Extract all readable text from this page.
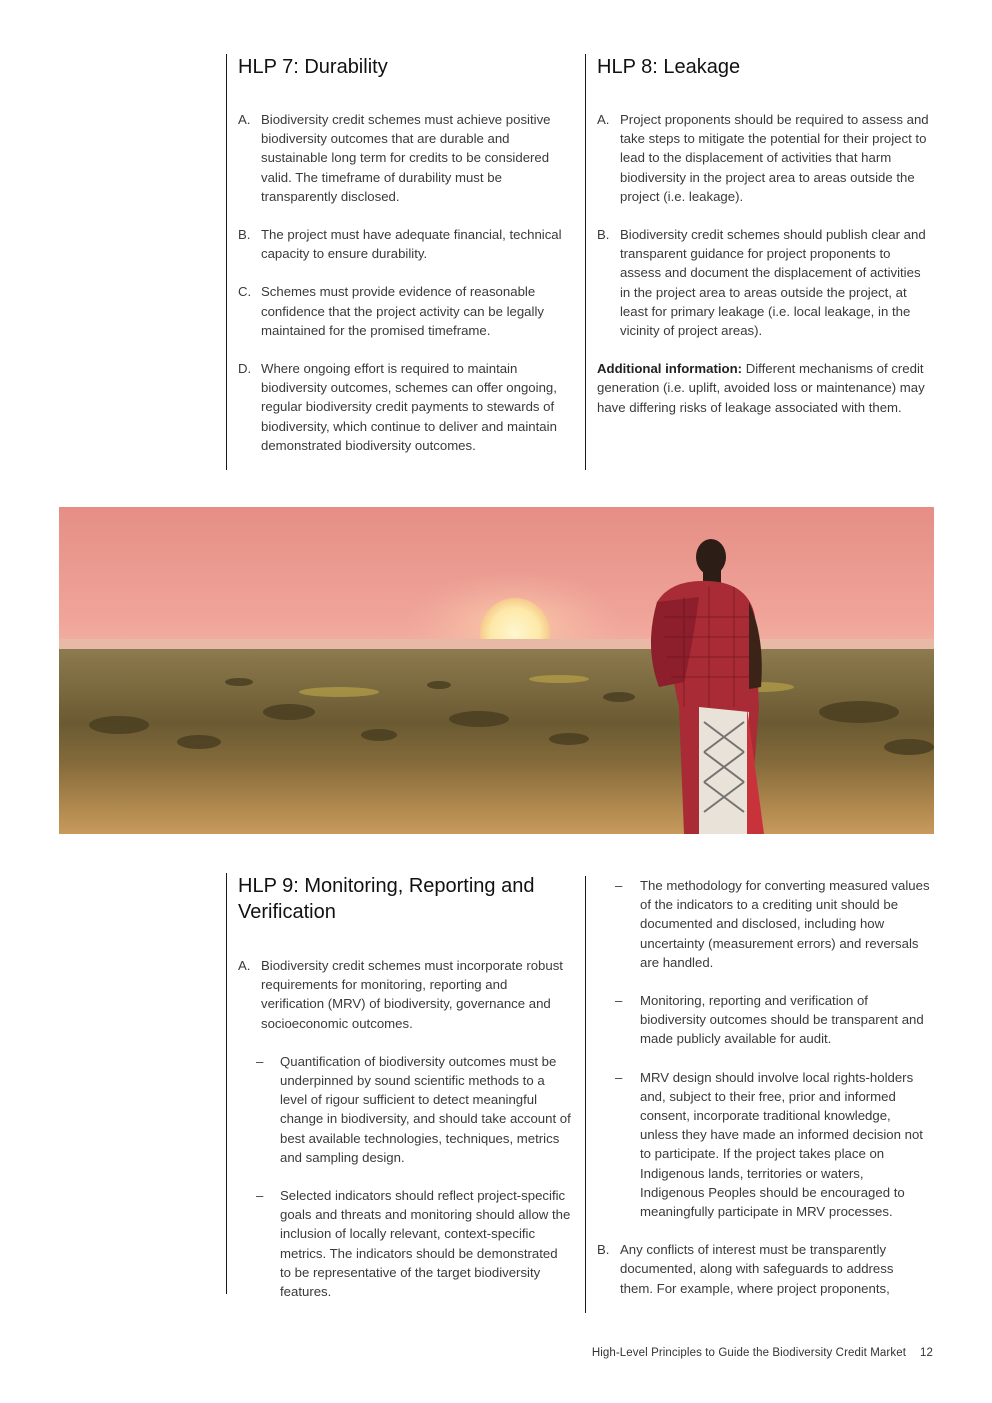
HLP 7: Durability
A. Biodiversity credit schemes must achieve positive biodiversity outcomes that are durable and sustainable long term for credits to be considered valid. The timeframe of durability must be transparently disclosed.
B. The project must have adequate financial, technical capacity to ensure durability.
C. Schemes must provide evidence of reasonable confidence that the project activity can be legally maintained for the promised timeframe.
D. Where ongoing effort is required to maintain biodiversity outcomes, schemes can offer ongoing, regular biodiversity credit payments to stewards of biodiversity, which continue to deliver and maintain demonstrated biodiversity outcomes.
HLP 8: Leakage
A. Project proponents should be required to assess and take steps to mitigate the potential for their project to lead to the displacement of activities that harm biodiversity in the project area to areas outside the project (i.e. leakage).
B. Biodiversity credit schemes should publish clear and transparent guidance for project proponents to assess and document the displacement of activities in the project area to areas outside the project, at least for primary leakage (i.e. local leakage, in the vicinity of project areas).
Additional information: Different mechanisms of credit generation (i.e. uplift, avoided loss or maintenance) may have differing risks of leakage associated with them.
HLP 9: Monitoring, Reporting and Verification
A. Biodiversity credit schemes must incorporate robust requirements for monitoring, reporting and verification (MRV) of biodiversity, governance and socioeconomic outcomes.
– Quantification of biodiversity outcomes must be underpinned by sound scientific methods to a level of rigour sufficient to detect meaningful change in biodiversity, and should take account of best available technologies, techniques, metrics and sampling design.
– Selected indicators should reflect project-specific goals and threats and monitoring should allow the inclusion of locally relevant, context-specific metrics. The indicators should be demonstrated to be representative of the target biodiversity features.
– The methodology for converting measured values of the indicators to a crediting unit should be documented and disclosed, including how uncertainty (measurement errors) and reversals are handled.
– Monitoring, reporting and verification of biodiversity outcomes should be transparent and made publicly available for audit.
– MRV design should involve local rights-holders and, subject to their free, prior and informed consent, incorporate traditional knowledge, unless they have made an informed decision not to participate. If the project takes place on Indigenous lands, territories or waters, Indigenous Peoples should be encouraged to meaningfully participate in MRV processes.
B. Any conflicts of interest must be transparently documented, along with safeguards to address them. For example, where project proponents,
High-Level Principles to Guide the Biodiversity Credit Market 12
